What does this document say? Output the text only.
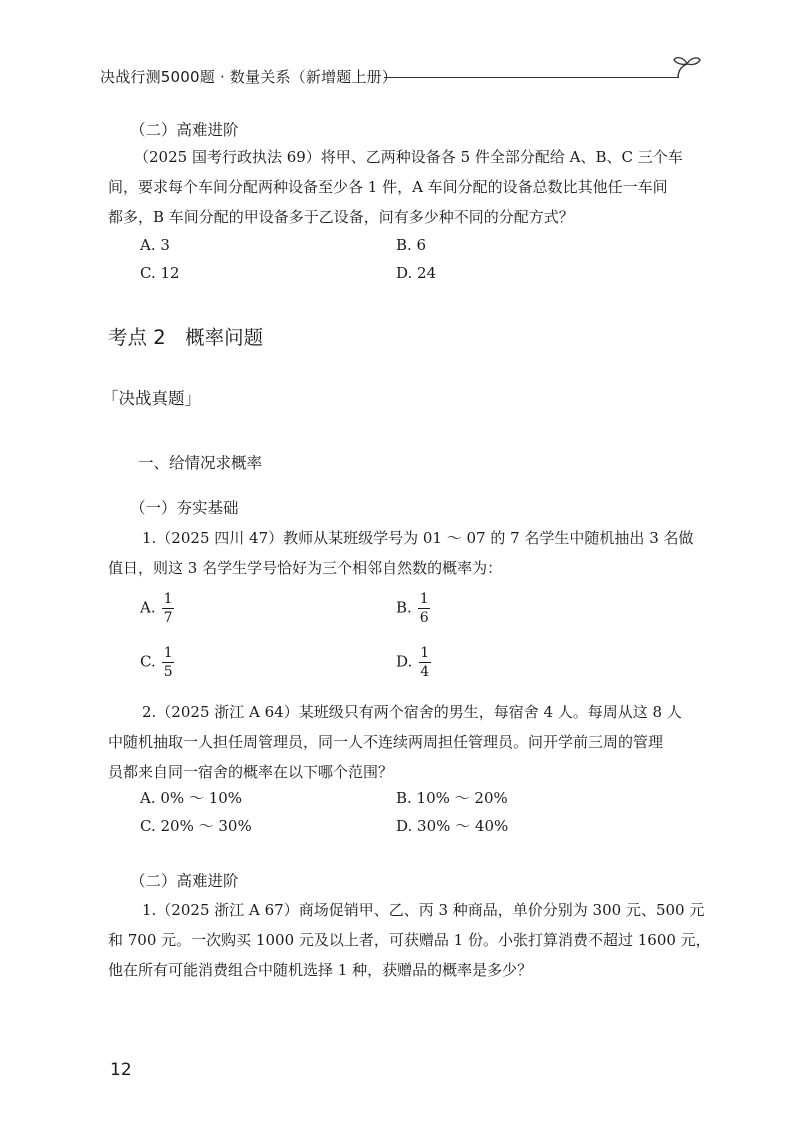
决战行测5000题 · 数量关系（新增题上册）
（二）高难进阶
（2025 国考行政执法 69）将甲、乙两种设备各 5 件全部分配给 A、B、C 三个车
间，要求每个车间分配两种设备至少各 1 件，A 车间分配的设备总数比其他任一车间
都多，B 车间分配的甲设备多于乙设备，问有多少种不同的分配方式？
A. 3	B. 6
C. 12	D. 24
考点 2　概率问题
「决战真题」
一、给情况求概率
（一）夯实基础
1.（2025 四川 47）教师从某班级学号为 01 ～ 07 的 7 名学生中随机抽出 3 名做
值日，则这 3 名学生学号恰好为三个相邻自然数的概率为：
A. $\frac{1}{7}$	B. $\frac{1}{6}$
C. $\frac{1}{5}$	D. $\frac{1}{4}$
2.（2025 浙江 A 64）某班级只有两个宿舍的男生，每宿舍 4 人。每周从这 8 人
中随机抽取一人担任周管理员，同一人不连续两周担任管理员。问开学前三周的管理
员都来自同一宿舍的概率在以下哪个范围？
A. 0% ～ 10%	B. 10% ～ 20%
C. 20% ～ 30%	D. 30% ～ 40%
（二）高难进阶
1.（2025 浙江 A 67）商场促销甲、乙、丙 3 种商品，单价分别为 300 元、500 元
和 700 元。一次购买 1000 元及以上者，可获赠品 1 份。小张打算消费不超过 1600 元，
他在所有可能消费组合中随机选择 1 种，获赠品的概率是多少？
12
